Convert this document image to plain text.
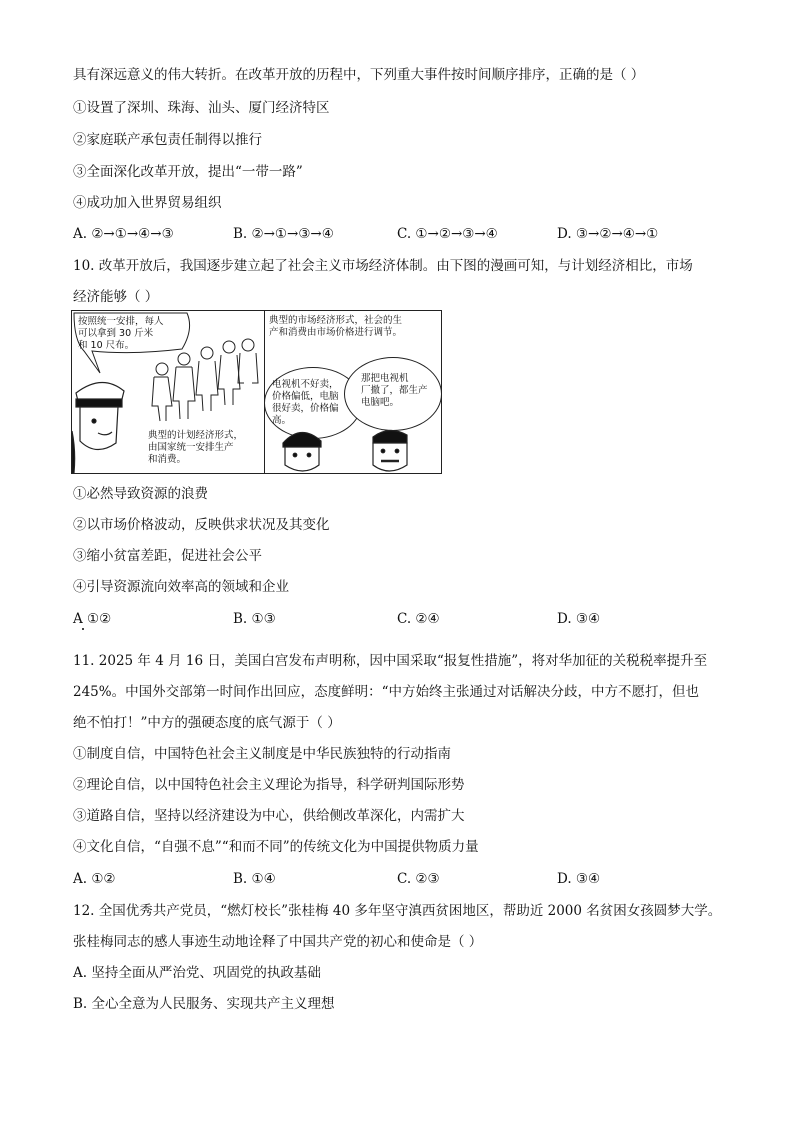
具有深远意义的伟大转折。在改革开放的历程中，下列重大事件按时间顺序排序，正确的是（ ）
①设置了深圳、珠海、汕头、厦门经济特区
②家庭联产承包责任制得以推行
③全面深化改革开放，提出“一带一路”
④成功加入世界贸易组织
A. ②→①→④→③	B. ②→①→③→④	C. ①→②→③→④	D. ③→②→④→①
10. 改革开放后，我国逐步建立起了社会主义市场经济体制。由下图的漫画可知，与计划经济相比，市场
经济能够（ ）
按照统一安排，每人
可以拿到 30 斤米
和 10 尺布。
典型的计划经济形式，
由国家统一安排生产
和消费。
典型的市场经济形式，社会的生
产和消费由市场价格进行调节。
电视机不好卖，
价格偏低，电脑
很好卖，价格偏
高。
那把电视机
厂撤了，都生产
电脑吧。
①必然导致资源的浪费
②以市场价格波动，反映供求状况及其变化
③缩小贫富差距，促进社会公平
④引导资源流向效率高的领域和企业
A ①②	B. ①③	C. ②④	D. ③④
11. 2025 年 4 月 16 日，美国白宫发布声明称，因中国采取“报复性措施”，将对华加征的关税税率提升至
245%。中国外交部第一时间作出回应，态度鲜明：“中方始终主张通过对话解决分歧，中方不愿打，但也
绝不怕打！”中方的强硬态度的底气源于（ ）
①制度自信，中国特色社会主义制度是中华民族独特的行动指南
②理论自信，以中国特色社会主义理论为指导，科学研判国际形势
③道路自信，坚持以经济建设为中心，供给侧改革深化，内需扩大
④文化自信，“自强不息”“和而不同”的传统文化为中国提供物质力量
A. ①②	B. ①④	C. ②③	D. ③④
12. 全国优秀共产党员，“燃灯校长”张桂梅 40 多年坚守滇西贫困地区，帮助近 2000 名贫困女孩圆梦大学。
张桂梅同志的感人事迹生动地诠释了中国共产党的初心和使命是（ ）
A. 坚持全面从严治党、巩固党的执政基础
B. 全心全意为人民服务、实现共产主义理想
